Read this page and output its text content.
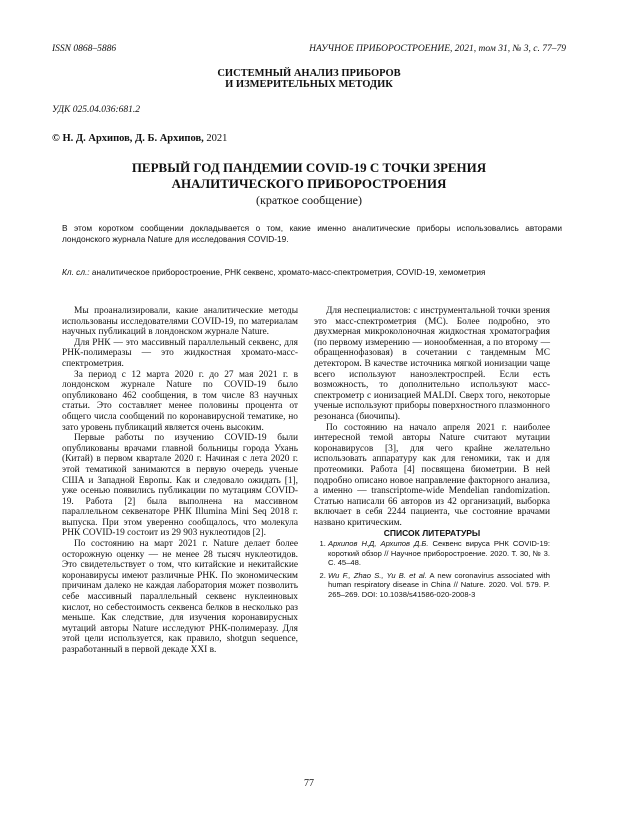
ISSN 0868–5886	НАУЧНОЕ ПРИБОРОСТРОЕНИЕ, 2021, том 31, № 3, с. 77–79
СИСТЕМНЫЙ АНАЛИЗ ПРИБОРОВ
И ИЗМЕРИТЕЛЬНЫХ МЕТОДИК
УДК 025.04.036:681.2
© Н. Д. Архипов, Д. Б. Архипов, 2021
ПЕРВЫЙ ГОД ПАНДЕМИИ COVID-19 С ТОЧКИ ЗРЕНИЯ
АНАЛИТИЧЕСКОГО ПРИБОРОСТРОЕНИЯ
(краткое сообщение)
В этом коротком сообщении докладывается о том, какие именно аналитические приборы использовались авторами лондонского журнала Nature для исследования COVID-19.
Кл. сл.: аналитическое приборостроение, РНК секвенс, хромато-масс-спектрометрия, COVID-19, хемометрия

Мы проанализировали, какие аналитические методы использованы исследователями COVID-19, по материалам научных публикаций в лондонском журнале Nature.

Для РНК — это массивный параллельный секвенс, для РНК-полимеразы — это жидкостная хромато-масс-спектрометрия.

За период с 12 марта 2020 г. до 27 мая 2021 г. в лондонском журнале Nature по COVID-19 было опубликовано 462 сообщения, в том числе 83 научных статьи. Это составляет менее половины процента от общего числа сообщений по коронавирусной тематике, но зато уровень публикаций является очень высоким.

Первые работы по изучению COVID-19 были опубликованы врачами главной больницы города Ухань (Китай) в первом квартале 2020 г. Начиная с лета 2020 г. этой тематикой занимаются в первую очередь ученые США и Западной Европы. Как и следовало ожидать [1], уже осенью появились публикации по мутациям COVID-19. Работа [2] была выполнена на массивном параллельном секвенаторе РНК Illumina Mini Seq 2018 г. выпуска. При этом уверенно сообщалось, что молекула РНК COVID-19 состоит из 29 903 нуклеотидов [2].

По состоянию на март 2021 г. Nature делает более осторожную оценку — не менее 28 тысяч нуклеотидов. Это свидетельствует о том, что китайские и некитайские коронавирусы имеют различные РНК. По экономическим причинам далеко не каждая лаборатория может позволить себе массивный параллельный секвенс нуклеиновых кислот, но себестоимость секвенса белков в несколько раз меньше. Как следствие, для изучения коронавирусных мутаций авторы Nature исследуют РНК-полимеразу. Для этой цели используется, как правило, shotgun sequence, разработанный в первой декаде XXI в.

Для неспециалистов: с инструментальной точки зрения это масс-спектрометрия (МС). Более подробно, это двухмерная микроколоночная жидкостная хроматография (по первому измерению — ионообменная, а по второму — обращеннофазовая) в сочетании с тандемным МС детектором. В качестве источника мягкой ионизации чаще всего используют наноэлектроспрей. Если есть возможность, то дополнительно используют масс-спектрометр с ионизацией MALDI. Сверх того, некоторые ученые используют приборы поверхностного плазмонного резонанса (биочипы).

По состоянию на начало апреля 2021 г. наиболее интересной темой авторы Nature считают мутации коронавирусов [3], для чего крайне желательно использовать аппаратуру как для геномики, так и для протеомики. Работа [4] посвящена биометрии. В ней подробно описано новое направление факторного анализа, а именно — transcriptome-wide Mendelian randomization. Статью написали 66 авторов из 42 организаций, выборка включает в себя 2244 пациента, чье состояние врачами названо критическим.

СПИСОК ЛИТЕРАТУРЫ

1. Архипов Н.Д, Архипов Д.Б. Секвенс вируса РНК COVID-19: короткий обзор // Научное приборостроение. 2020. Т. 30, № 3. С. 45–48.
2. Wu F., Zhao S., Yu B. et al. A new coronavirus associated with human respiratory disease in China // Nature. 2020. Vol. 579. P. 265–269. DOI: 10.1038/s41586-020-2008-3
77
